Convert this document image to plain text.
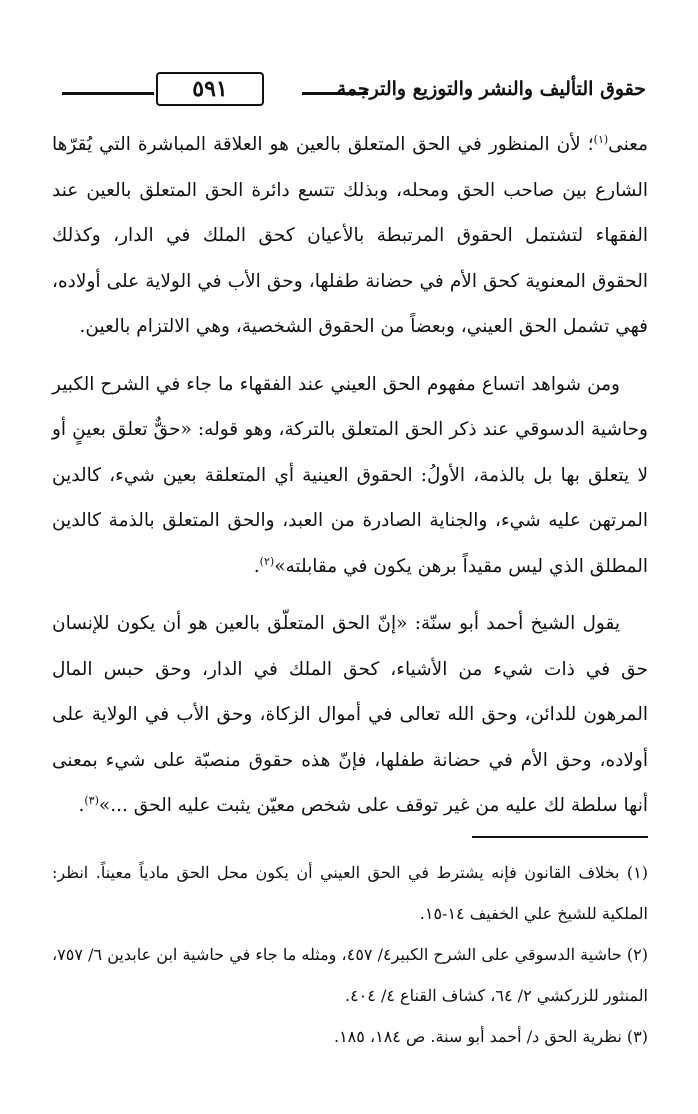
حقوق التأليف والنشر والتوزيع والترجمة
٥٩١

معنى$^{(١)}$؛ لأن المنظور في الحق المتعلق بالعين هو العلاقة المباشرة التي يُقرّها الشارع بين صاحب الحق ومحله، وبذلك تتسع دائرة الحق المتعلق بالعين عند الفقهاء لتشتمل الحقوق المرتبطة بالأعيان كحق الملك في الدار، وكذلك الحقوق المعنوية كحق الأم في حضانة طفلها، وحق الأب في الولاية على أولاده، فهي تشمل الحق العيني، وبعضاً من الحقوق الشخصية، وهي الالتزام بالعين.

ومن شواهد اتساع مفهوم الحق العيني عند الفقهاء ما جاء في الشرح الكبير وحاشية الدسوقي عند ذكر الحق المتعلق بالتركة، وهو قوله: «حقٌّ تعلق بعينٍ أو لا يتعلق بها بل بالذمة، الأولُ: الحقوق العينية أي المتعلقة بعين شيء، كالدين المرتهن عليه شيء، والجناية الصادرة من العبد، والحق المتعلق بالذمة كالدين المطلق الذي ليس مقيداً برهن يكون في مقابلته»$^{(٢)}$.

يقول الشيخ أحمد أبو سنّة: «إنّ الحق المتعلّق بالعين هو أن يكون للإنسان حق في ذات شيء من الأشياء، كحق الملك في الدار، وحق حبس المال المرهون للدائن، وحق الله تعالى في أموال الزكاة، وحق الأب في الولاية على أولاده، وحق الأم في حضانة طفلها، فإنّ هذه حقوق منصبّة على شيء بمعنى أنها سلطة لك عليه من غير توقف على شخص معيّن يثبت عليه الحق ...»$^{(٣)}$.

(١) بخلاف القانون فإنه يشترط في الحق العيني أن يكون محل الحق مادياً معيناً. انظر: الملكية للشيخ علي الخفيف ١٤-١٥.

(٢) حاشية الدسوقي على الشرح الكبير٤/ ٤٥٧، ومثله ما جاء في حاشية ابن عابدين ٦/ ٧٥٧، المنثور للزركشي ٢/ ٦٤، كشاف القناع ٤/ ٤٠٤.

(٣) نظرية الحق د/ أحمد أبو سنة. ص ١٨٤، ١٨٥.
